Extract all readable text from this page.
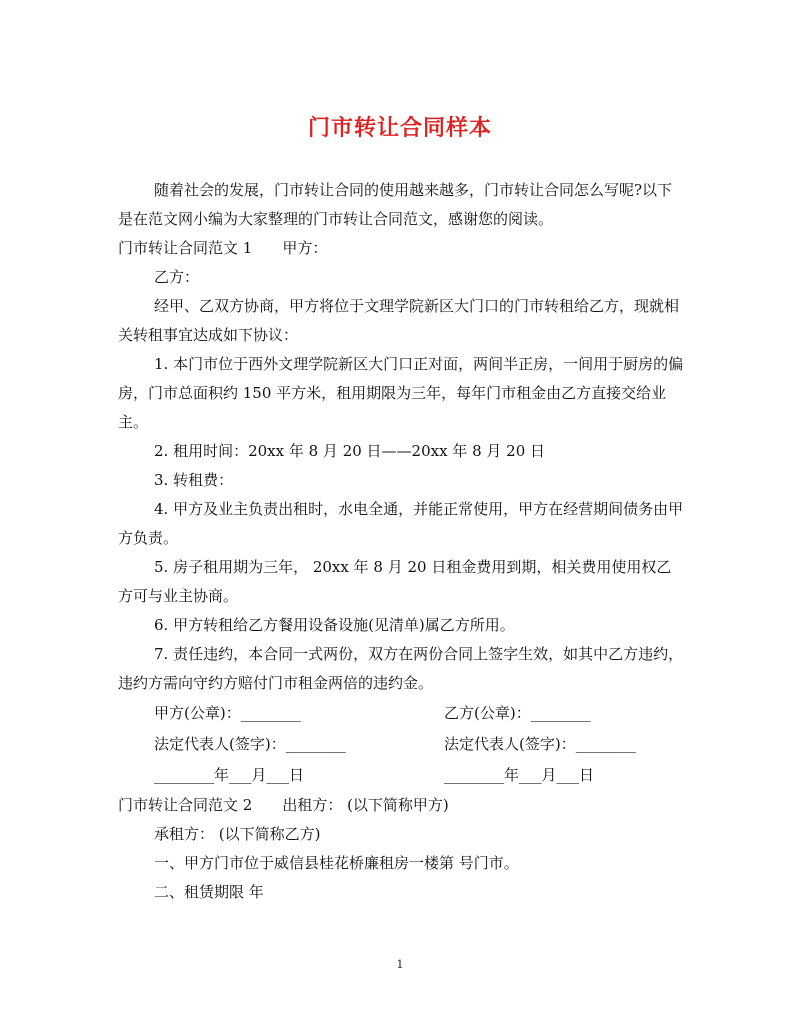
门市转让合同样本

随着社会的发展，门市转让合同的使用越来越多，门市转让合同怎么写呢?以下是在范文网小编为大家整理的门市转让合同范文，感谢您的阅读。

门市转让合同范文 1 甲方：

乙方：

经甲、乙双方协商，甲方将位于文理学院新区大门口的门市转租给乙方，现就相关转租事宜达成如下协议：

1. 本门市位于西外文理学院新区大门口正对面，两间半正房，一间用于厨房的偏房，门市总面积约 150 平方米，租用期限为三年，每年门市租金由乙方直接交给业主。

2. 租用时间：20xx 年 8 月 20 日——20xx 年 8 月 20 日

3. 转租费：

4. 甲方及业主负责出租时，水电全通，并能正常使用，甲方在经营期间债务由甲方负责。

5. 房子租用期为三年， 20xx 年 8 月 20 日租金费用到期，相关费用使用权乙方可与业主协商。

6. 甲方转租给乙方餐用设备设施(见清单)属乙方所用。

7. 责任违约，本合同一式两份，双方在两份合同上签字生效，如其中乙方违约，违约方需向守约方赔付门市租金两倍的违约金。

甲方(公章)：________	乙方(公章)：________
法定代表人(签字)：________	法定代表人(签字)：________
________年___月___日	________年___月___日

门市转让合同范文 2 出租方： (以下简称甲方)

承租方： (以下简称乙方)

一、甲方门市位于威信县桂花桥廉租房一楼第 号门市。

二、租赁期限 年

1
